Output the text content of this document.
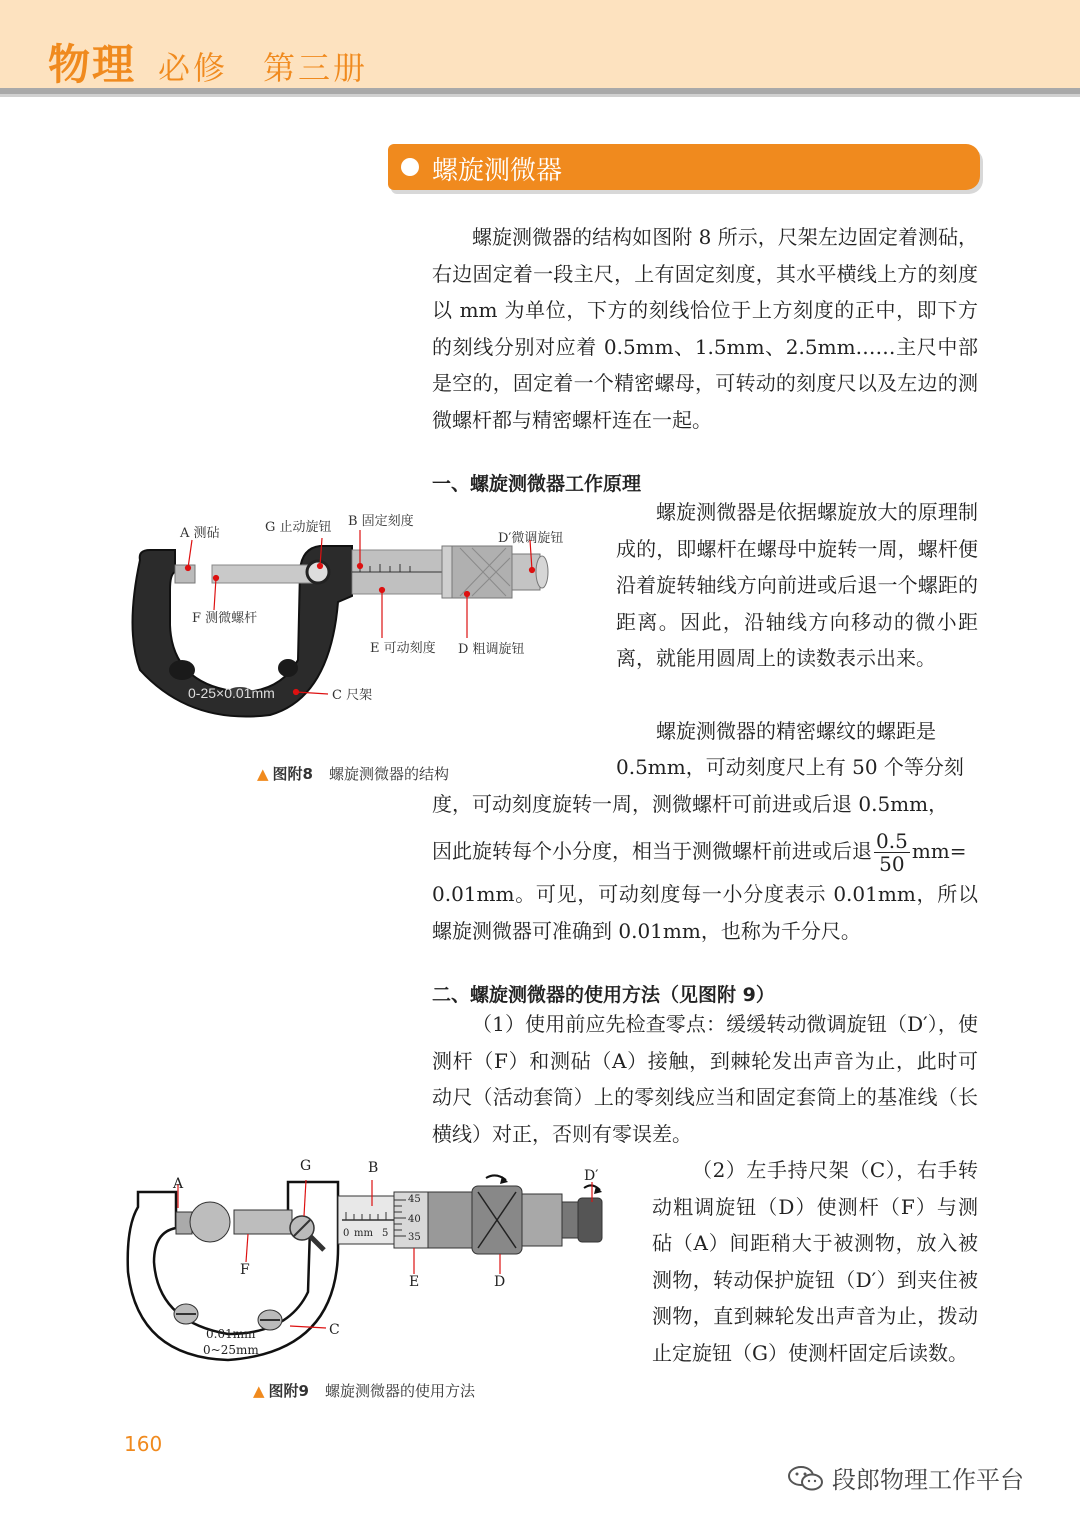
物理 必修　第三册
螺旋测微器

螺旋测微器的结构如图附 8 所示，尺架左边固定着测砧，右边固定着一段主尺，上有固定刻度，其水平横线上方的刻度以 mm 为单位，下方的刻线恰位于上方刻度的正中，即下方的刻线分别对应着 0.5mm、1.5mm、2.5mm……主尺中部是空的，固定着一个精密螺母，可转动的刻度尺以及左边的测微螺杆都与精密螺杆连在一起。

一、螺旋测微器工作原理
0-25×0.01mm
A 测砧	G 止动旋钮 B 固定刻度
D′微调旋钮
F 测微螺杆
E 可动刻度 D 粗调旋钮
C 尺架
▲ 图附8 螺旋测微器的结构

螺旋测微器是依据螺旋放大的原理制成的，即螺杆在螺母中旋转一周，螺杆便沿着旋转轴线方向前进或后退一个螺距的距离。因此，沿轴线方向移动的微小距离，就能用圆周上的读数表示出来。

螺旋测微器的精密螺纹的螺距是

0.5mm，可动刻度尺上有 50 个等分刻

度，可动刻度旋转一周，测微螺杆可前进或后退 0.5mm，

因此旋转每个小分度，相当于测微螺杆前进或后退 $\frac{0.5}{50} mm=$

0.01mm。可见，可动刻度每一小分度表示 0.01mm，所以螺旋测微器可准确到 0.01mm，也称为千分尺。

二、螺旋测微器的使用方法（见图附 9）

（1）使用前应先检查零点：缓缓转动微调旋钮（D′），使测杆（F）和测砧（A）接触，到棘轮发出声音为止，此时可动尺（活动套筒）上的零刻线应当和固定套筒上的基准线（长横线）对正，否则有零误差。

A
G	B	D′
F
E	D
C
45
40
35
0 mm 5
0.01mm
0~25mm
▲ 图附9 螺旋测微器的使用方法

（2）左手持尺架（C），右手转动粗调旋钮（D）使测杆（F）与测砧（A）间距稍大于被测物，放入被测物，转动保护旋钮（D′）到夹住被测物，直到棘轮发出声音为止，拨动止定旋钮（G）使测杆固定后读数。

160
段郎物理工作平台
